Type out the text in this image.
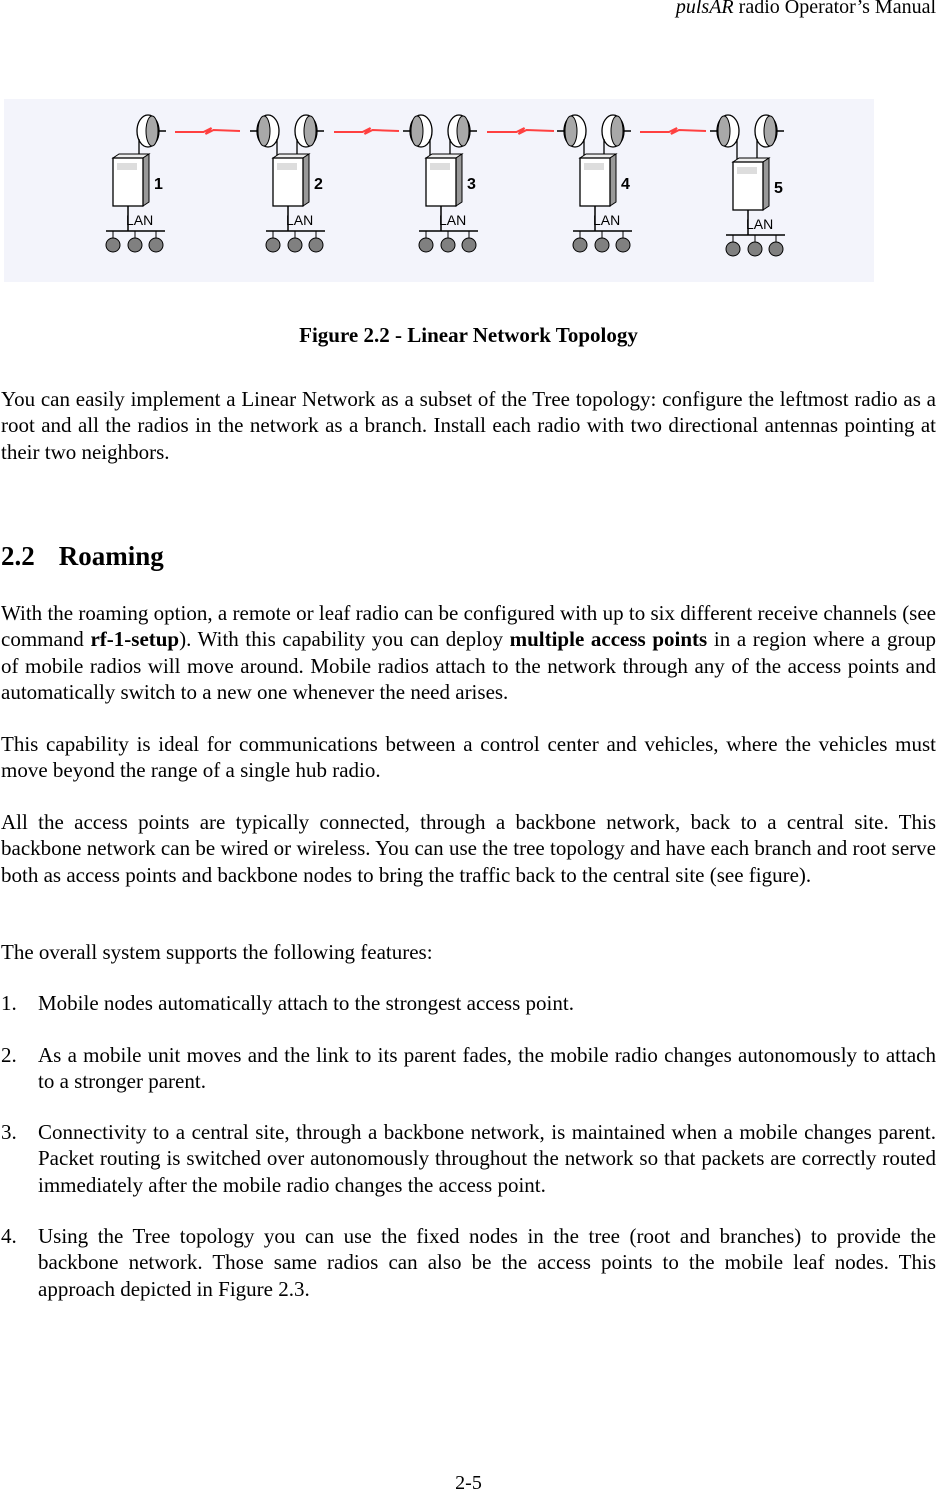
pulsAR radio Operator’s Manual
1
LAN
2
LAN
3
LAN
4
LAN
5
LAN
Figure 2.2 - Linear Network Topology
You can easily implement a Linear Network as a subset of the Tree topology: configure the leftmost radio as a root and all the radios in the network as a branch. Install each radio with two directional antennas pointing at their two neighbors.
2.2 Roaming
With the roaming option, a remote or leaf radio can be configured with up to six different receive channels (see command rf-1-setup). With this capability you can deploy multiple access points in a region where a group of mobile radios will move around. Mobile radios attach to the network through any of the access points and automatically switch to a new one whenever the need arises.
This capability is ideal for communications between a control center and vehicles, where the vehicles must move beyond the range of a single hub radio.
All the access points are typically connected, through a backbone network, back to a central site. This backbone network can be wired or wireless. You can use the tree topology and have each branch and root serve both as access points and backbone nodes to bring the traffic back to the central site (see figure).
The overall system supports the following features:
1. Mobile nodes automatically attach to the strongest access point.
2. As a mobile unit moves and the link to its parent fades, the mobile radio changes autonomously to attach to a stronger parent.
3. Connectivity to a central site, through a backbone network, is maintained when a mobile changes parent. Packet routing is switched over autonomously throughout the network so that packets are correctly routed immediately after the mobile radio changes the access point.
4. Using the Tree topology you can use the fixed nodes in the tree (root and branches) to provide the backbone network. Those same radios can also be the access points to the mobile leaf nodes. This approach depicted in Figure 2.3.
2-5
